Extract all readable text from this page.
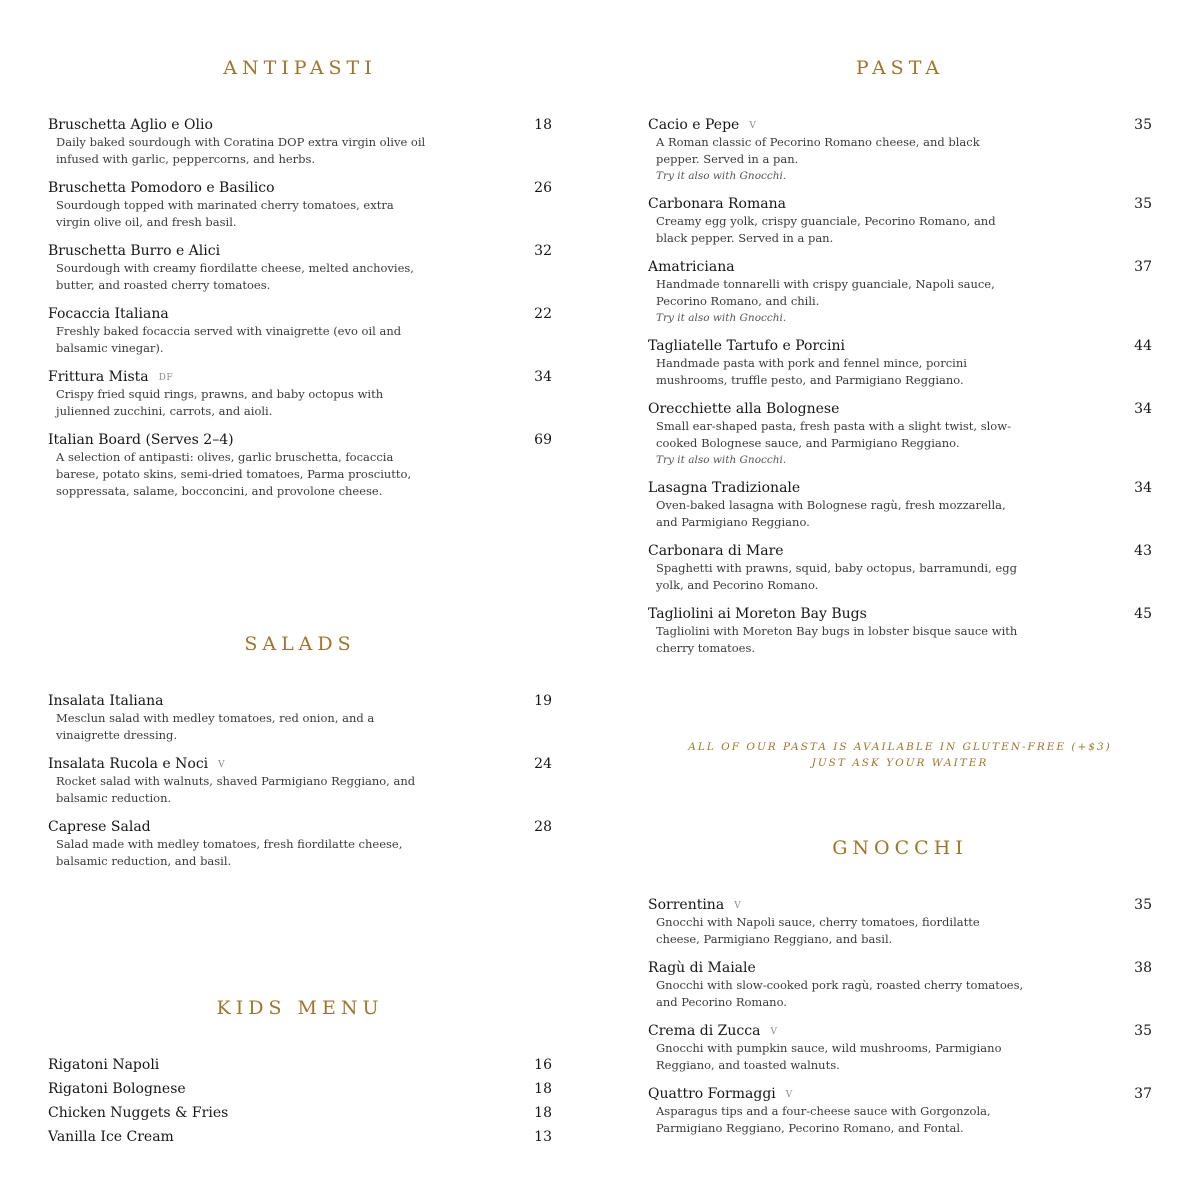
ANTIPASTI
Bruschetta Aglio e Olio	18
Daily baked sourdough with Coratina DOP extra virgin olive oil infused with garlic, peppercorns, and herbs.
Bruschetta Pomodoro e Basilico	26
Sourdough topped with marinated cherry tomatoes, extra virgin olive oil, and fresh basil.
Bruschetta Burro e Alici	32
Sourdough with creamy fiordilatte cheese, melted anchovies, butter, and roasted cherry tomatoes.
Focaccia Italiana	22
Freshly baked focaccia served with vinaigrette (evo oil and balsamic vinegar).
Frittura Mista DF	34
Crispy fried squid rings, prawns, and baby octopus with julienned zucchini, carrots, and aioli.
Italian Board (Serves 2–4)	69
A selection of antipasti: olives, garlic bruschetta, focaccia barese, potato skins, semi-dried tomatoes, Parma prosciutto, soppressata, salame, bocconcini, and provolone cheese.
SALADS
Insalata Italiana	19
Mesclun salad with medley tomatoes, red onion, and a vinaigrette dressing.
Insalata Rucola e Noci V	24
Rocket salad with walnuts, shaved Parmigiano Reggiano, and balsamic reduction.
Caprese Salad	28
Salad made with medley tomatoes, fresh fiordilatte cheese, balsamic reduction, and basil.
KIDS MENU
Rigatoni Napoli	16
Rigatoni Bolognese	18
Chicken Nuggets & Fries	18
Vanilla Ice Cream	13
PASTA
Cacio e Pepe V	35
A Roman classic of Pecorino Romano cheese, and black pepper. Served in a pan.
Try it also with Gnocchi.
Carbonara Romana	35
Creamy egg yolk, crispy guanciale, Pecorino Romano, and black pepper. Served in a pan.
Amatriciana	37
Handmade tonnarelli with crispy guanciale, Napoli sauce, Pecorino Romano, and chili.
Try it also with Gnocchi.
Tagliatelle Tartufo e Porcini	44
Handmade pasta with pork and fennel mince, porcini mushrooms, truffle pesto, and Parmigiano Reggiano.
Orecchiette alla Bolognese	34
Small ear-shaped pasta, fresh pasta with a slight twist, slow-cooked Bolognese sauce, and Parmigiano Reggiano.
Try it also with Gnocchi.
Lasagna Tradizionale	34
Oven-baked lasagna with Bolognese ragù, fresh mozzarella, and Parmigiano Reggiano.
Carbonara di Mare	43
Spaghetti with prawns, squid, baby octopus, barramundi, egg yolk, and Pecorino Romano.
Tagliolini ai Moreton Bay Bugs	45
Tagliolini with Moreton Bay bugs in lobster bisque sauce with cherry tomatoes.
ALL OF OUR PASTA IS AVAILABLE IN GLUTEN-FREE (+$3)
JUST ASK YOUR WAITER
GNOCCHI
Sorrentina V	35
Gnocchi with Napoli sauce, cherry tomatoes, fiordilatte cheese, Parmigiano Reggiano, and basil.
Ragù di Maiale	38
Gnocchi with slow-cooked pork ragù, roasted cherry tomatoes, and Pecorino Romano.
Crema di Zucca V	35
Gnocchi with pumpkin sauce, wild mushrooms, Parmigiano Reggiano, and toasted walnuts.
Quattro Formaggi V	37
Asparagus tips and a four-cheese sauce with Gorgonzola, Parmigiano Reggiano, Pecorino Romano, and Fontal.
